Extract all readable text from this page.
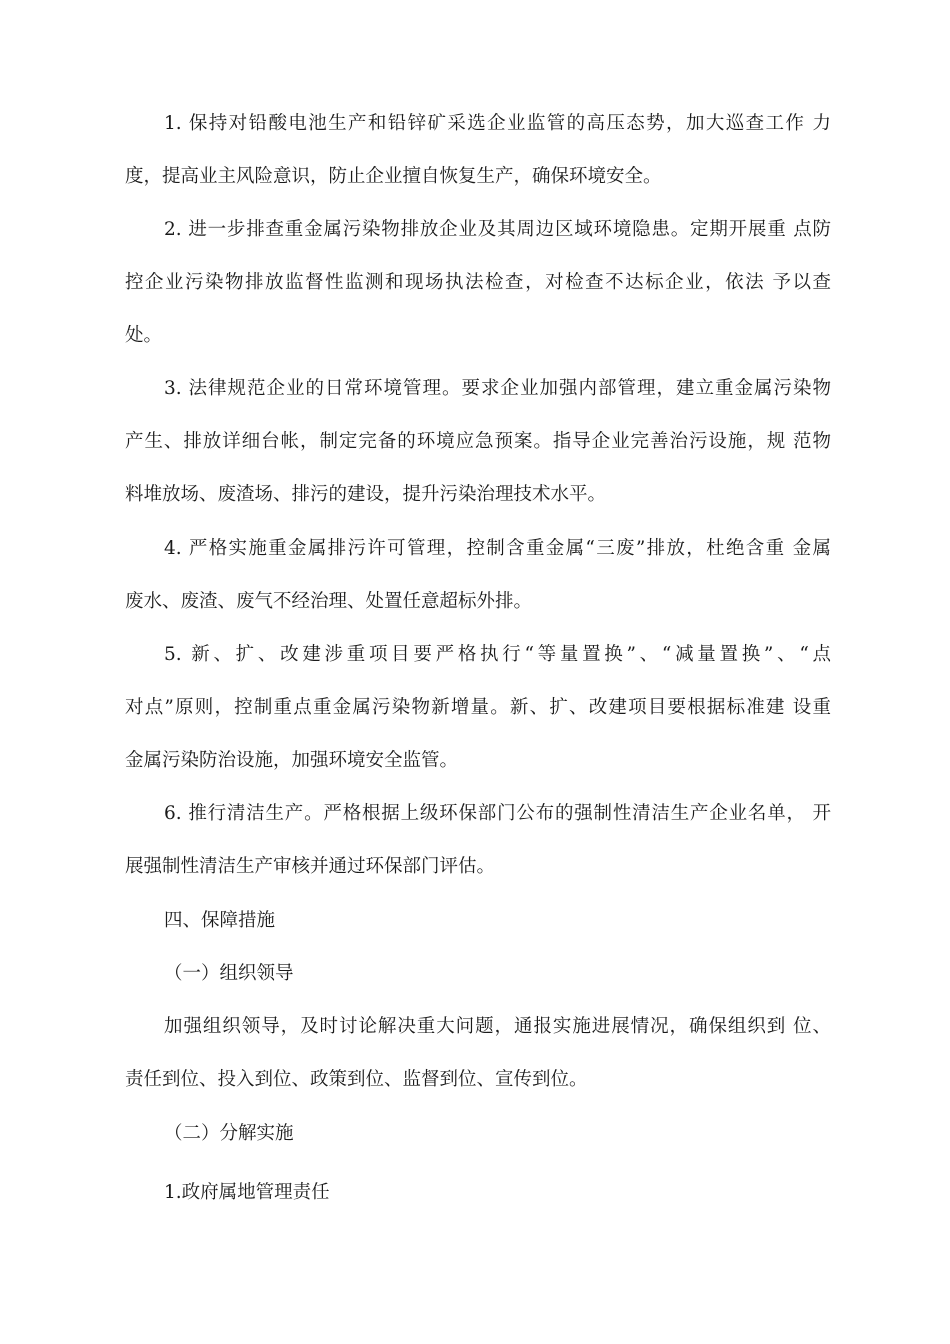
1. 保持对铅酸电池生产和铅锌矿采选企业监管的高压态势，加大巡查工作 力
度，提高业主风险意识，防止企业擅自恢复生产，确保环境安全。
2. 进一步排查重金属污染物排放企业及其周边区域环境隐患。定期开展重 点防
控企业污染物排放监督性监测和现场执法检查，对检查不达标企业，依法 予以查
处。
3. 法律规范企业的日常环境管理。要求企业加强内部管理，建立重金属污染物
产生、排放详细台帐，制定完备的环境应急预案。指导企业完善治污设施，规 范物
料堆放场、废渣场、排污的建设，提升污染治理技术水平。
4. 严格实施重金属排污许可管理，控制含重金属“三废”排放，杜绝含重 金属
废水、废渣、废气不经治理、处置任意超标外排。
5. 新、扩、改建涉重项目要严格执行“等量置换”、“减量置换”、“点
对点”原则，控制重点重金属污染物新增量。新、扩、改建项目要根据标准建 设重
金属污染防治设施，加强环境安全监管。
6. 推行清洁生产。严格根据上级环保部门公布的强制性清洁生产企业名单， 开
展强制性清洁生产审核并通过环保部门评估。
四、保障措施
（一）组织领导
加强组织领导，及时讨论解决重大问题，通报实施进展情况，确保组织到 位、
责任到位、投入到位、政策到位、监督到位、宣传到位。
（二）分解实施
1.政府属地管理责任
